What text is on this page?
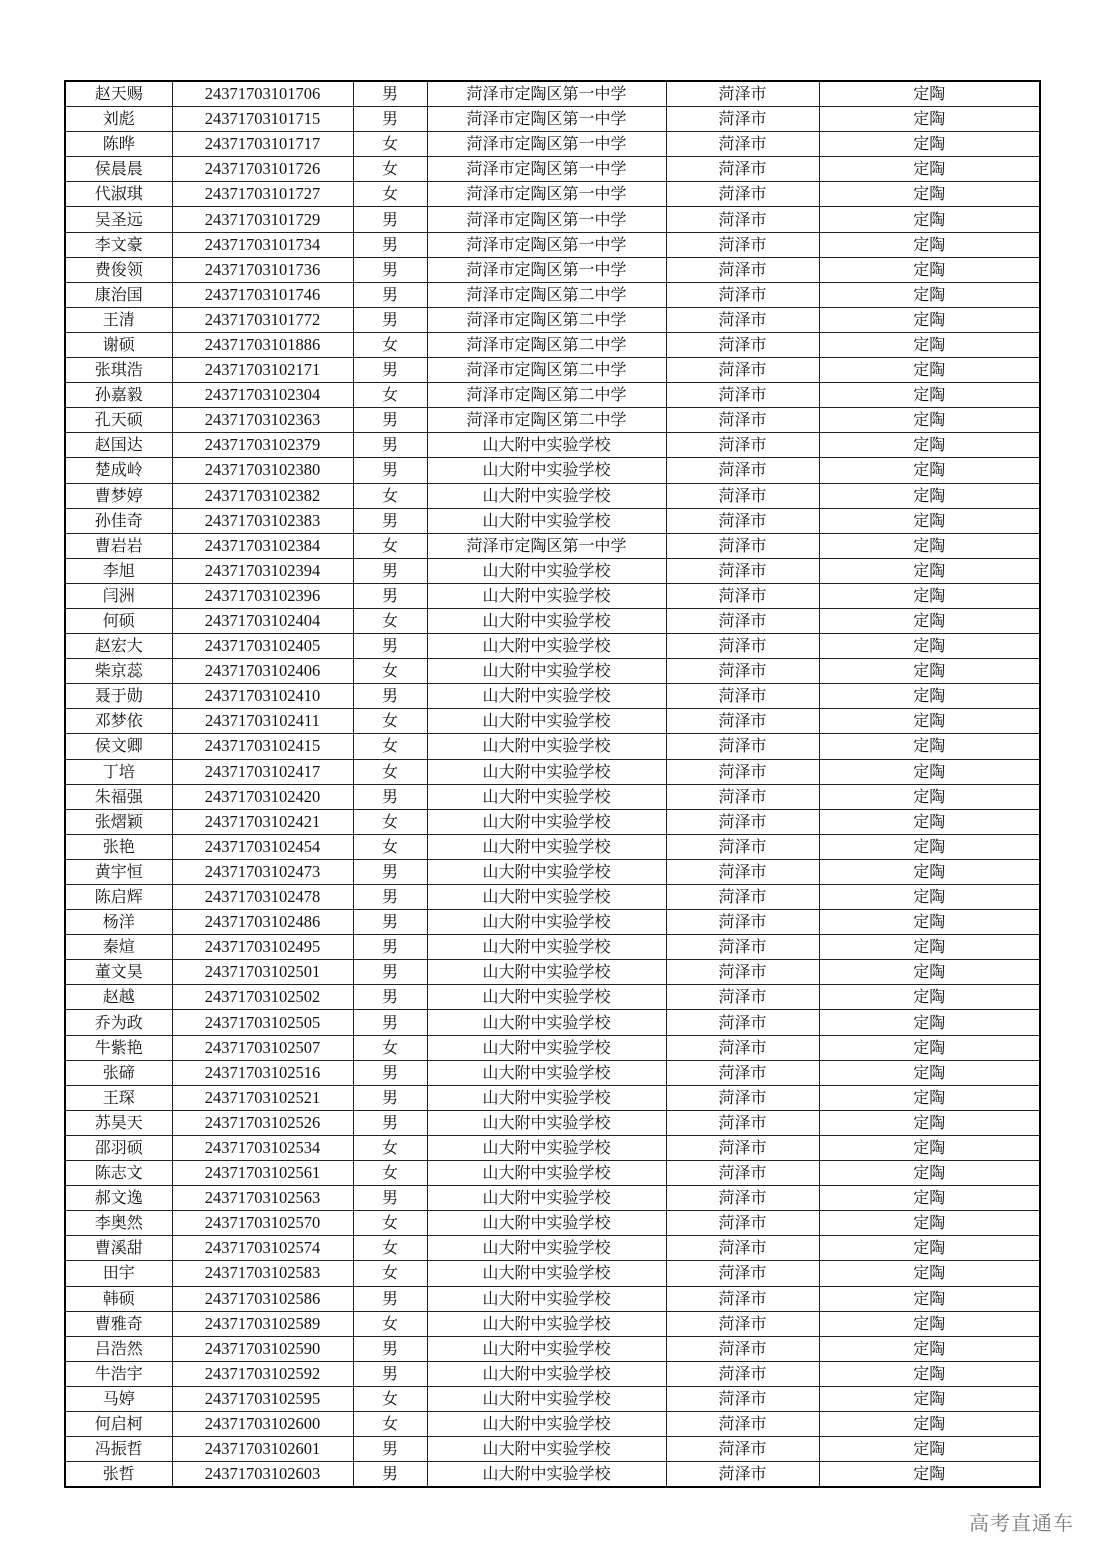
赵天赐	24371703101706	男	菏泽市定陶区第一中学	菏泽市	定陶
刘彪	24371703101715	男	菏泽市定陶区第一中学	菏泽市	定陶
陈晔	24371703101717	女	菏泽市定陶区第一中学	菏泽市	定陶
侯晨晨	24371703101726	女	菏泽市定陶区第一中学	菏泽市	定陶
代淑琪	24371703101727	女	菏泽市定陶区第一中学	菏泽市	定陶
吴圣远	24371703101729	男	菏泽市定陶区第一中学	菏泽市	定陶
李文豪	24371703101734	男	菏泽市定陶区第一中学	菏泽市	定陶
费俊领	24371703101736	男	菏泽市定陶区第一中学	菏泽市	定陶
康治国	24371703101746	男	菏泽市定陶区第二中学	菏泽市	定陶
王清	24371703101772	男	菏泽市定陶区第二中学	菏泽市	定陶
谢硕	24371703101886	女	菏泽市定陶区第二中学	菏泽市	定陶
张琪浩	24371703102171	男	菏泽市定陶区第二中学	菏泽市	定陶
孙嘉毅	24371703102304	女	菏泽市定陶区第二中学	菏泽市	定陶
孔天硕	24371703102363	男	菏泽市定陶区第二中学	菏泽市	定陶
赵国达	24371703102379	男	山大附中实验学校	菏泽市	定陶
楚成岭	24371703102380	男	山大附中实验学校	菏泽市	定陶
曹梦婷	24371703102382	女	山大附中实验学校	菏泽市	定陶
孙佳奇	24371703102383	男	山大附中实验学校	菏泽市	定陶
曹岩岩	24371703102384	女	菏泽市定陶区第一中学	菏泽市	定陶
李旭	24371703102394	男	山大附中实验学校	菏泽市	定陶
闫洲	24371703102396	男	山大附中实验学校	菏泽市	定陶
何硕	24371703102404	女	山大附中实验学校	菏泽市	定陶
赵宏大	24371703102405	男	山大附中实验学校	菏泽市	定陶
柴京蕊	24371703102406	女	山大附中实验学校	菏泽市	定陶
聂于勋	24371703102410	男	山大附中实验学校	菏泽市	定陶
邓梦依	24371703102411	女	山大附中实验学校	菏泽市	定陶
侯文卿	24371703102415	女	山大附中实验学校	菏泽市	定陶
丁培	24371703102417	女	山大附中实验学校	菏泽市	定陶
朱福强	24371703102420	男	山大附中实验学校	菏泽市	定陶
张熠颖	24371703102421	女	山大附中实验学校	菏泽市	定陶
张艳	24371703102454	女	山大附中实验学校	菏泽市	定陶
黄宇恒	24371703102473	男	山大附中实验学校	菏泽市	定陶
陈启辉	24371703102478	男	山大附中实验学校	菏泽市	定陶
杨洋	24371703102486	男	山大附中实验学校	菏泽市	定陶
秦煊	24371703102495	男	山大附中实验学校	菏泽市	定陶
董文昊	24371703102501	男	山大附中实验学校	菏泽市	定陶
赵越	24371703102502	男	山大附中实验学校	菏泽市	定陶
乔为政	24371703102505	男	山大附中实验学校	菏泽市	定陶
牛紫艳	24371703102507	女	山大附中实验学校	菏泽市	定陶
张碲	24371703102516	男	山大附中实验学校	菏泽市	定陶
王琛	24371703102521	男	山大附中实验学校	菏泽市	定陶
苏昊天	24371703102526	男	山大附中实验学校	菏泽市	定陶
邵羽硕	24371703102534	女	山大附中实验学校	菏泽市	定陶
陈志文	24371703102561	女	山大附中实验学校	菏泽市	定陶
郝文逸	24371703102563	男	山大附中实验学校	菏泽市	定陶
李奥然	24371703102570	女	山大附中实验学校	菏泽市	定陶
曹溪甜	24371703102574	女	山大附中实验学校	菏泽市	定陶
田宇	24371703102583	女	山大附中实验学校	菏泽市	定陶
韩硕	24371703102586	男	山大附中实验学校	菏泽市	定陶
曹雅奇	24371703102589	女	山大附中实验学校	菏泽市	定陶
吕浩然	24371703102590	男	山大附中实验学校	菏泽市	定陶
牛浩宇	24371703102592	男	山大附中实验学校	菏泽市	定陶
马婷	24371703102595	女	山大附中实验学校	菏泽市	定陶
何启柯	24371703102600	女	山大附中实验学校	菏泽市	定陶
冯振哲	24371703102601	男	山大附中实验学校	菏泽市	定陶
张哲	24371703102603	男	山大附中实验学校	菏泽市	定陶
高考直通车
